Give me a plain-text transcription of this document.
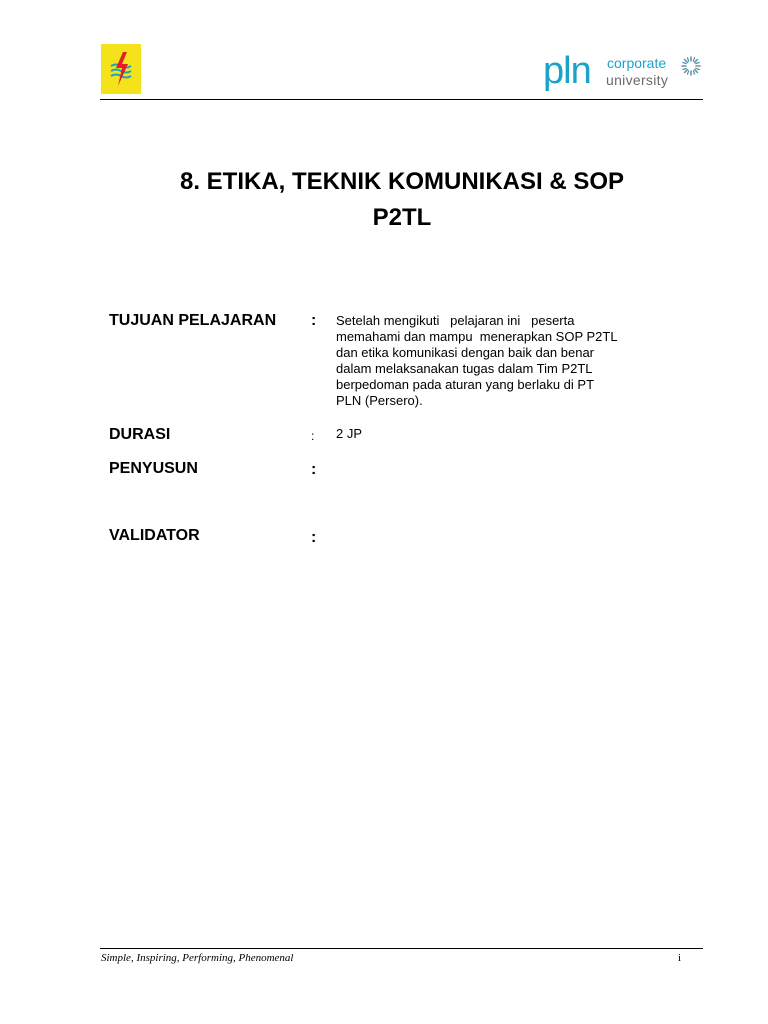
pln corporate
university
8. ETIKA, TEKNIK KOMUNIKASI & SOP
P2TL
TUJUAN PELAJARAN : Setelah mengikuti   pelajaran ini   peserta
memahami dan mampu  menerapkan SOP P2TL
dan etika komunikasi dengan baik dan benar
dalam melaksanakan tugas dalam Tim P2TL
berpedoman pada aturan yang berlaku di PT
PLN (Persero).
DURASI	: 2 JP
PENYUSUN	:
VALIDATOR	:
Simple, Inspiring, Performing, Phenomenal	i
